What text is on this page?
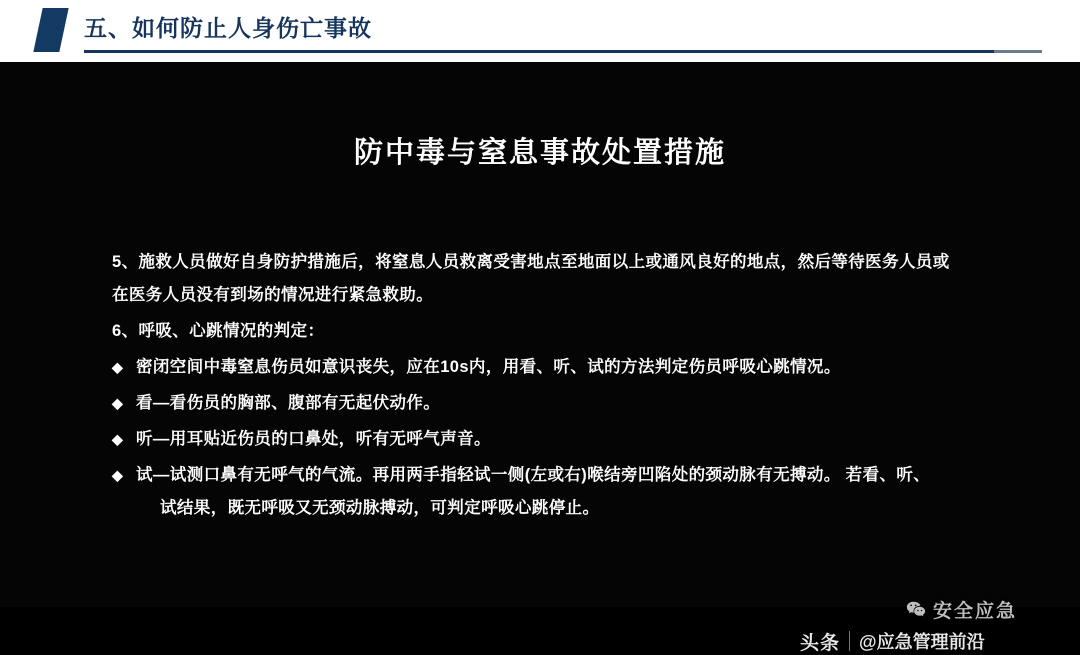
五、如何防止人身伤亡事故
防中毒与窒息事故处置措施
5、施救人员做好自身防护措施后，将窒息人员救离受害地点至地面以上或通风良好的地点，然后等待医务人员或在医务人员没有到场的情况进行紧急救助。
6、呼吸、心跳情况的判定：
◆ 密闭空间中毒窒息伤员如意识丧失，应在10s内，用看、听、试的方法判定伤员呼吸心跳情况。
◆ 看—看伤员的胸部、腹部有无起伏动作。
◆ 听—用耳贴近伤员的口鼻处，听有无呼气声音。
◆ 试—试测口鼻有无呼气的气流。再用两手指轻试一侧(左或右)喉结旁凹陷处的颈动脉有无搏动。 若看、听、
试结果，既无呼吸又无颈动脉搏动，可判定呼吸心跳停止。
安全应急
头条 @应急管理前沿
